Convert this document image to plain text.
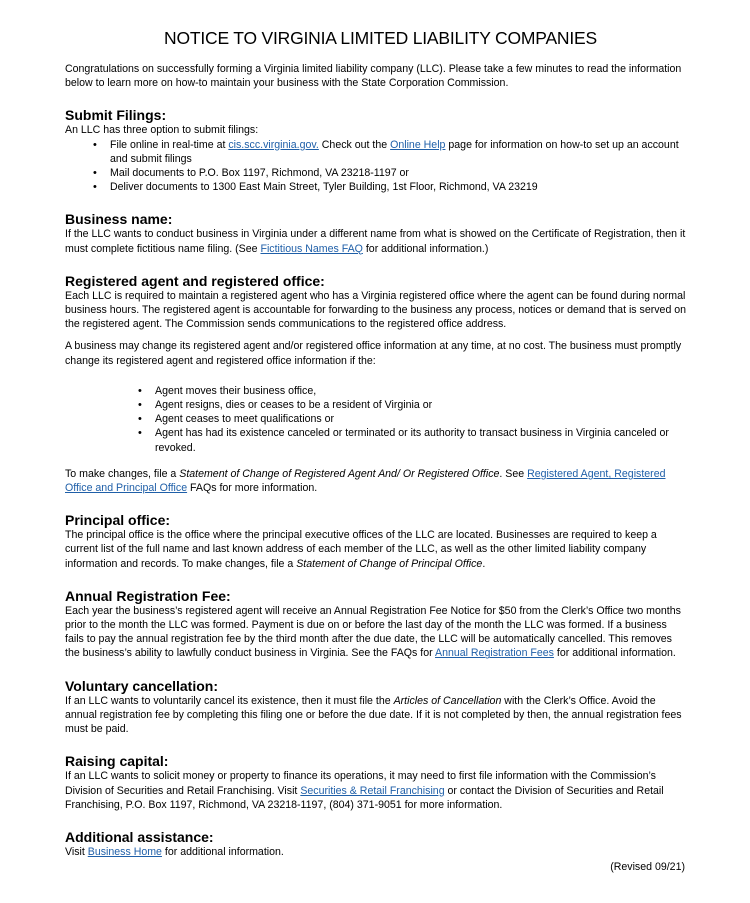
NOTICE TO VIRGINIA LIMITED LIABILITY COMPANIES

Congratulations on successfully forming a Virginia limited liability company (LLC). Please take a few minutes to read the information below to learn more on how-to maintain your business with the State Corporation Commission.

Submit Filings:

An LLC has three option to submit filings:

• File online in real-time at cis.scc.virginia.gov. Check out the Online Help page for information on how-to set up an account and submit filings
• Mail documents to P.O. Box 1197, Richmond, VA 23218-1197 or
• Deliver documents to 1300 East Main Street, Tyler Building, 1st Floor, Richmond, VA 23219
Business name:

If the LLC wants to conduct business in Virginia under a different name from what is showed on the Certificate of Registration, then it must complete fictitious name filing. (See Fictitious Names FAQ for additional information.)

Registered agent and registered office:

Each LLC is required to maintain a registered agent who has a Virginia registered office where the agent can be found during normal business hours. The registered agent is accountable for forwarding to the business any process, notices or demand that is served on the registered agent. The Commission sends communications to the registered office address.

A business may change its registered agent and/or registered office information at any time, at no cost. The business must promptly change its registered agent and registered office information if the:

• Agent moves their business office,
• Agent resigns, dies or ceases to be a resident of Virginia or
• Agent ceases to meet qualifications or
• Agent has had its existence canceled or terminated or its authority to transact business in Virginia canceled or revoked.

To make changes, file a Statement of Change of Registered Agent And/ Or Registered Office. See Registered Agent, Registered Office and Principal Office FAQs for more information.

Principal office:

The principal office is the office where the principal executive offices of the LLC are located. Businesses are required to keep a current list of the full name and last known address of each member of the LLC, as well as the other limited liability company information and records. To make changes, file a Statement of Change of Principal Office.

Annual Registration Fee:

Each year the business’s registered agent will receive an Annual Registration Fee Notice for $50 from the Clerk’s Office two months prior to the month the LLC was formed. Payment is due on or before the last day of the month the LLC was formed. If a business fails to pay the annual registration fee by the third month after the due date, the LLC will be automatically cancelled. This removes the business’s ability to lawfully conduct business in Virginia. See the FAQs for Annual Registration Fees for additional information.

Voluntary cancellation:

If an LLC wants to voluntarily cancel its existence, then it must file the Articles of Cancellation with the Clerk’s Office. Avoid the annual registration fee by completing this filing one or before the due date. If it is not completed by then, the annual registration fees must be paid.

Raising capital:

If an LLC wants to solicit money or property to finance its operations, it may need to first file information with the Commission’s Division of Securities and Retail Franchising. Visit Securities & Retail Franchising or contact the Division of Securities and Retail Franchising, P.O. Box 1197, Richmond, VA 23218-1197, (804) 371-9051 for more information.

Additional assistance:

Visit Business Home for additional information.

(Revised 09/21)
